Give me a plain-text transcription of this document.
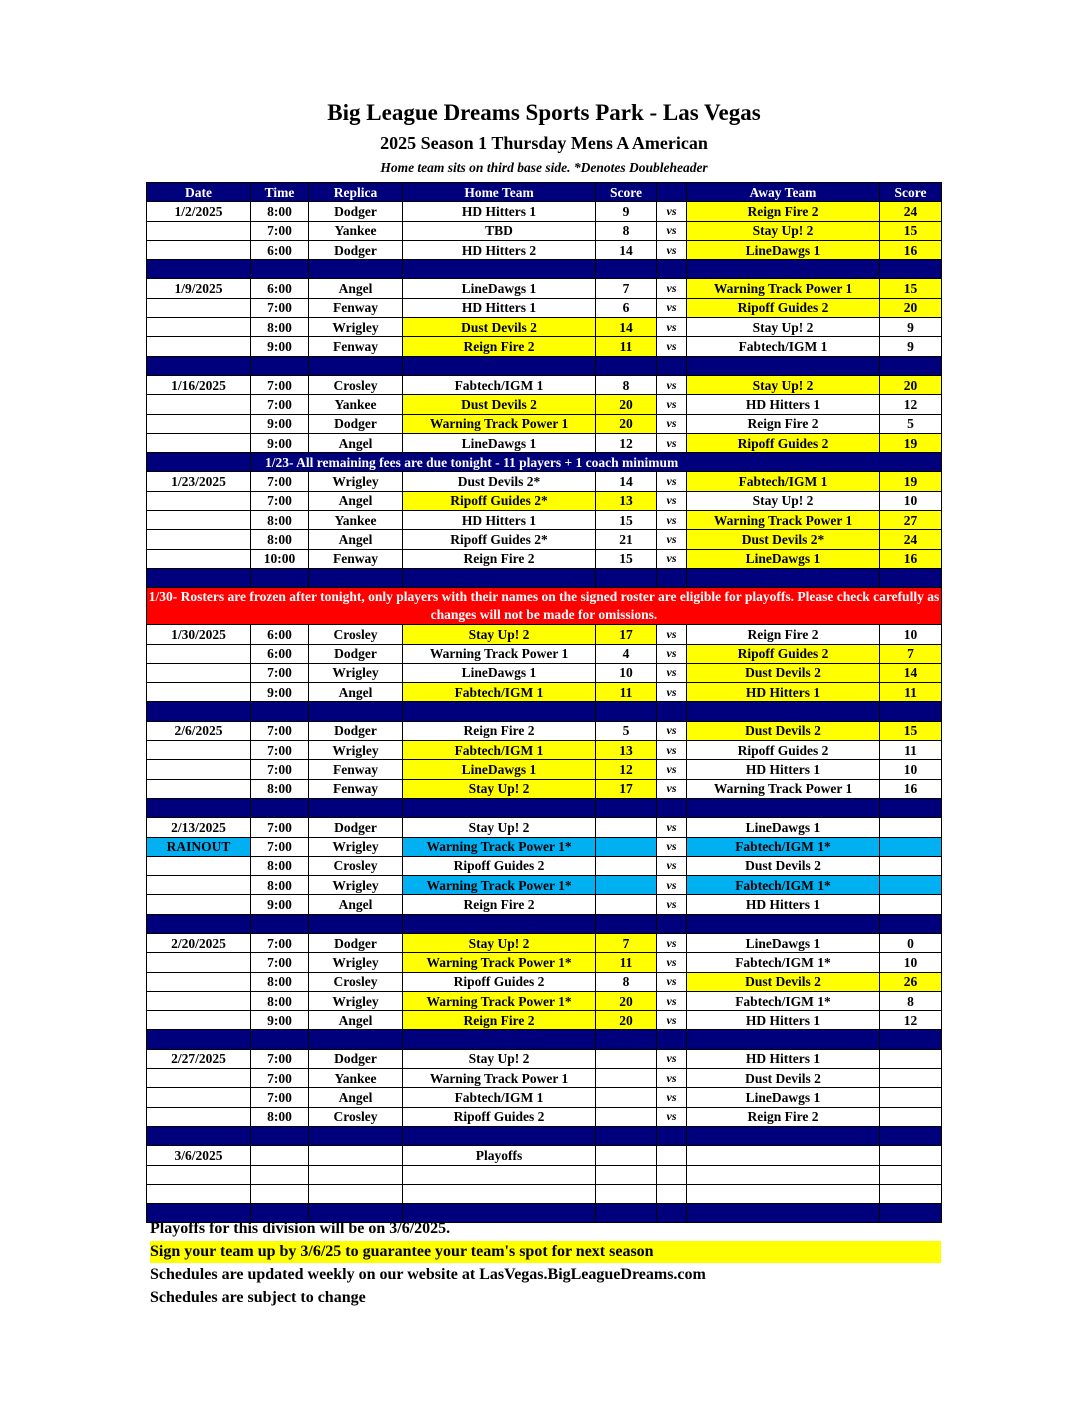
Big League Dreams Sports Park - Las Vegas
2025 Season 1 Thursday Mens A American
Home team sits on third base side. *Denotes Doubleheader
Date	Time	Replica	Home Team	Score		Away Team	Score
1/2/2025	8:00	Dodger	HD Hitters 1	9	vs	Reign Fire 2	24
	7:00	Yankee	TBD	8	vs	Stay Up! 2	15
	6:00	Dodger	HD Hitters 2	14	vs	LineDawgs 1	16

1/9/2025	6:00	Angel	LineDawgs 1	7	vs	Warning Track Power 1	15
	7:00	Fenway	HD Hitters 1	6	vs	Ripoff Guides 2	20
	8:00	Wrigley	Dust Devils 2	14	vs	Stay Up! 2	9
	9:00	Fenway	Reign Fire 2	11	vs	Fabtech/IGM 1	9

1/16/2025	7:00	Crosley	Fabtech/IGM 1	8	vs	Stay Up! 2	20
	7:00	Yankee	Dust Devils 2	20	vs	HD Hitters 1	12
	9:00	Dodger	Warning Track Power 1	20	vs	Reign Fire 2	5
	9:00	Angel	LineDawgs 1	12	vs	Ripoff Guides 2	19
	1/23- All remaining fees are due tonight - 11 players + 1 coach minimum						
1/23/2025	7:00	Wrigley	Dust Devils 2*	14	vs	Fabtech/IGM 1	19
	7:00	Angel	Ripoff Guides 2*	13	vs	Stay Up! 2	10
	8:00	Yankee	HD Hitters 1	15	vs	Warning Track Power 1	27
	8:00	Angel	Ripoff Guides 2*	21	vs	Dust Devils 2*	24
	10:00	Fenway	Reign Fire 2	15	vs	LineDawgs 1	16

1/30- Rosters are frozen after tonight, only players with their names on the signed roster are eligible for playoffs. Please check carefully as changes will not be made for omissions.							
1/30/2025	6:00	Crosley	Stay Up! 2	17	vs	Reign Fire 2	10
	6:00	Dodger	Warning Track Power 1	4	vs	Ripoff Guides 2	7
	7:00	Wrigley	LineDawgs 1	10	vs	Dust Devils 2	14
	9:00	Angel	Fabtech/IGM 1	11	vs	HD Hitters 1	11

2/6/2025	7:00	Dodger	Reign Fire 2	5	vs	Dust Devils 2	15
	7:00	Wrigley	Fabtech/IGM 1	13	vs	Ripoff Guides 2	11
	7:00	Fenway	LineDawgs 1	12	vs	HD Hitters 1	10
	8:00	Fenway	Stay Up! 2	17	vs	Warning Track Power 1	16

2/13/2025	7:00	Dodger	Stay Up! 2		vs	LineDawgs 1	
RAINOUT	7:00	Wrigley	Warning Track Power 1*		vs	Fabtech/IGM 1*	
	8:00	Crosley	Ripoff Guides 2		vs	Dust Devils 2	
	8:00	Wrigley	Warning Track Power 1*		vs	Fabtech/IGM 1*	
	9:00	Angel	Reign Fire 2		vs	HD Hitters 1	

2/20/2025	7:00	Dodger	Stay Up! 2	7	vs	LineDawgs 1	0
	7:00	Wrigley	Warning Track Power 1*	11	vs	Fabtech/IGM 1*	10
	8:00	Crosley	Ripoff Guides 2	8	vs	Dust Devils 2	26
	8:00	Wrigley	Warning Track Power 1*	20	vs	Fabtech/IGM 1*	8
	9:00	Angel	Reign Fire 2	20	vs	HD Hitters 1	12

2/27/2025	7:00	Dodger	Stay Up! 2		vs	HD Hitters 1	
	7:00	Yankee	Warning Track Power 1		vs	Dust Devils 2	
	7:00	Angel	Fabtech/IGM 1		vs	LineDawgs 1	
	8:00	Crosley	Ripoff Guides 2		vs	Reign Fire 2	

3/6/2025			Playoffs				

Playoffs for this division will be on 3/6/2025.
Sign your team up by 3/6/25 to guarantee your team's spot for next season
Schedules are updated weekly on our website at LasVegas.BigLeagueDreams.com
Schedules are subject to change
